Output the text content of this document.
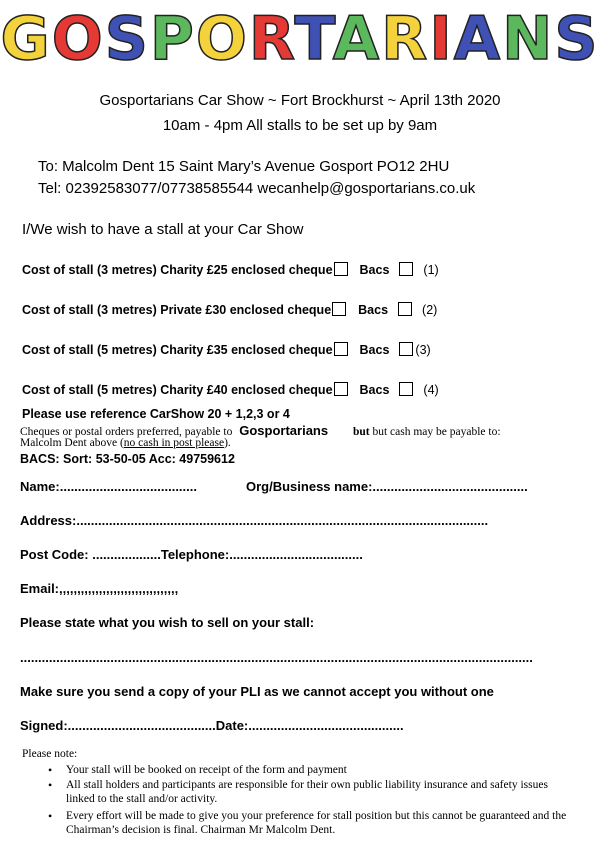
GOSPORTARIANS
Gosportarians Car Show ~ Fort Brockhurst ~ April 13th 2020
10am - 4pm All stalls to be set up by 9am
To: Malcolm Dent 15 Saint Mary’s Avenue Gosport PO12 2HU
Tel: 02392583077/07738585544 wecanhelp@gosportarians.co.uk
I/We wish to have a stall at your Car Show
Cost of stall (3 metres) Charity £25 enclosed cheque Bacs	(1)
Cost of stall (3 metres) Private £30 enclosed cheque Bacs	(2)
Cost of stall (5 metres) Charity £35 enclosed cheque Bacs (3)
Cost of stall (5 metres) Charity £40 enclosed cheque Bacs	(4)
Please use reference CarShow 20 + 1,2,3 or 4
Cheques or postal orders preferred, payable to Gosportarians but but cash may be payable to:
Malcolm Dent above (no cash in post please).
BACS: Sort: 53-50-05 Acc: 49759612
Name:......................................	Org/Business name:...........................................
Address:..................................................................................................................
Post Code: ...................Telephone:.....................................
Email:,,,,,,,,,,,,,,,,,,,,,,,,,,,,,,,,,
Please state what you wish to sell on your stall:
..............................................................................................................................................
Make sure you send a copy of your PLI as we cannot accept you without one
Signed:.........................................Date:...........................................
Please note:
• Your stall will be booked on receipt of the form and payment
• All stall holders and participants are responsible for their own public liability insurance and safety issues linked to the stall and/or activity.
• Every effort will be made to give you your preference for stall position but this cannot be guaranteed and the Chairman’s decision is final. Chairman Mr Malcolm Dent.
